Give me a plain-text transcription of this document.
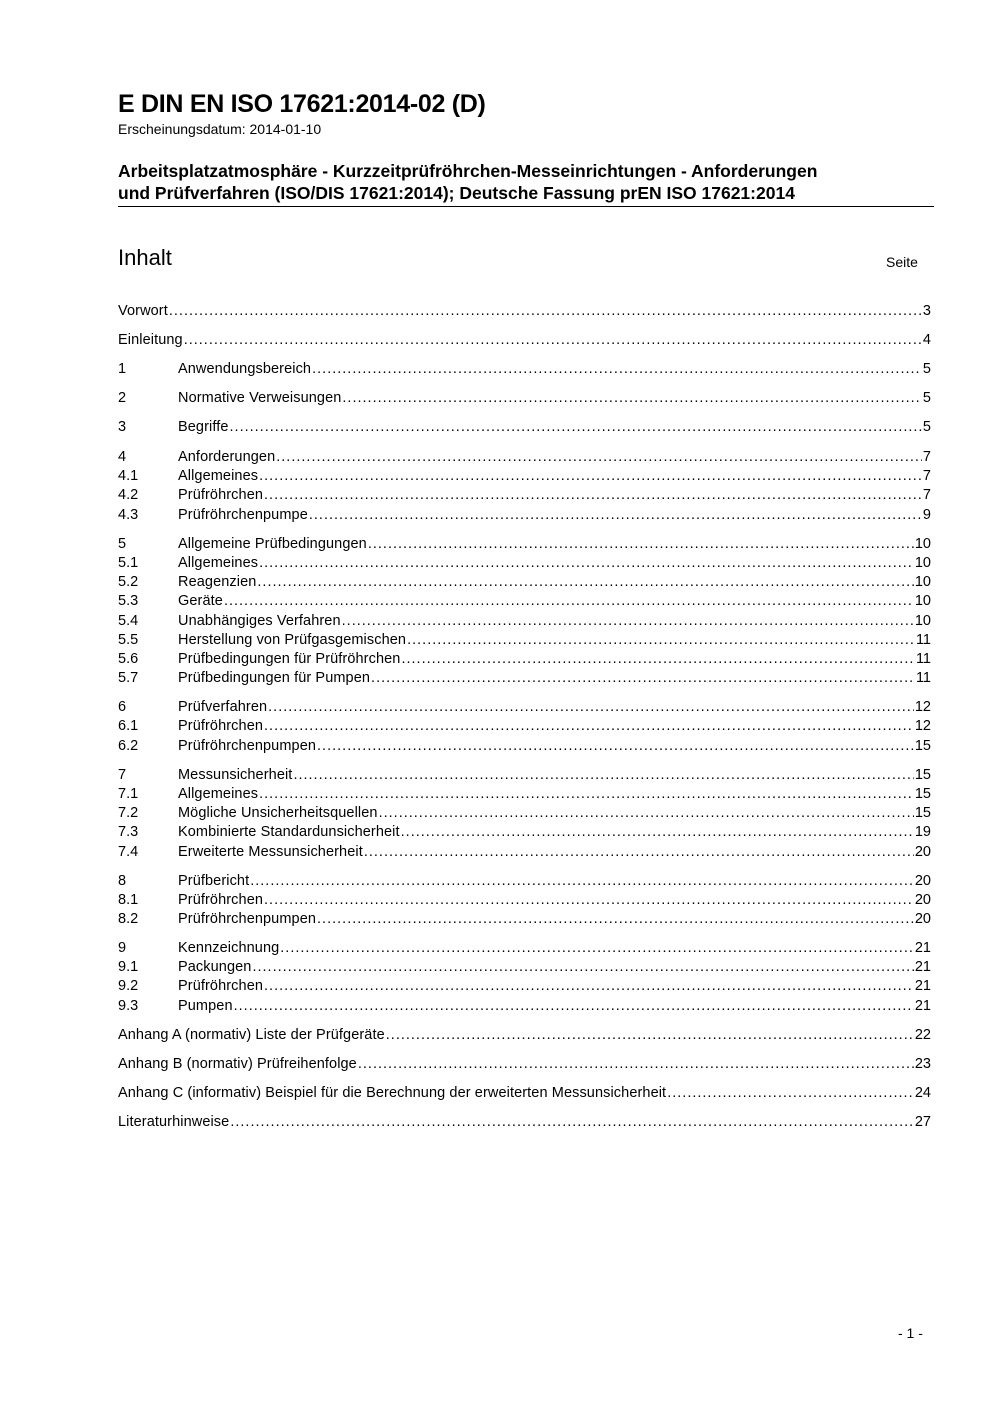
E DIN EN ISO 17621:2014-02 (D)
Erscheinungsdatum: 2014-01-10
Arbeitsplatzatmosphäre - Kurzzeitprüfröhrchen-Messeinrichtungen - Anforderungen
und Prüfverfahren (ISO/DIS 17621:2014); Deutsche Fassung prEN ISO 17621:2014
Inhalt	Seite
Vorwort .....	3
Einleitung .....	4
1	Anwendungsbereich .....	5
2	Normative Verweisungen .....	5
3	Begriffe .....	5
4	Anforderungen .....	7
4.1	Allgemeines .....	7
4.2	Prüfröhrchen .....	7
4.3	Prüfröhrchenpumpe .....	9
5	Allgemeine Prüfbedingungen .....	10
5.1	Allgemeines .....	10
5.2	Reagenzien .....	10
5.3	Geräte .....	10
5.4	Unabhängiges Verfahren .....	10
5.5	Herstellung von Prüfgasgemischen .....	11
5.6	Prüfbedingungen für Prüfröhrchen .....	11
5.7	Prüfbedingungen für Pumpen .....	11
6	Prüfverfahren .....	12
6.1	Prüfröhrchen .....	12
6.2	Prüfröhrchenpumpen .....	15
7	Messunsicherheit .....	15
7.1	Allgemeines .....	15
7.2	Mögliche Unsicherheitsquellen .....	15
7.3	Kombinierte Standardunsicherheit .....	19
7.4	Erweiterte Messunsicherheit .....	20
8	Prüfbericht .....	20
8.1	Prüfröhrchen .....	20
8.2	Prüfröhrchenpumpen .....	20
9	Kennzeichnung .....	21
9.1	Packungen .....	21
9.2	Prüfröhrchen .....	21
9.3	Pumpen .....	21
Anhang A (normativ) Liste der Prüfgeräte .....	22
Anhang B (normativ) Prüfreihenfolge .....	23
Anhang C (informativ) Beispiel für die Berechnung der erweiterten Messunsicherheit .....	24
Literaturhinweise .....	27
- 1 -
